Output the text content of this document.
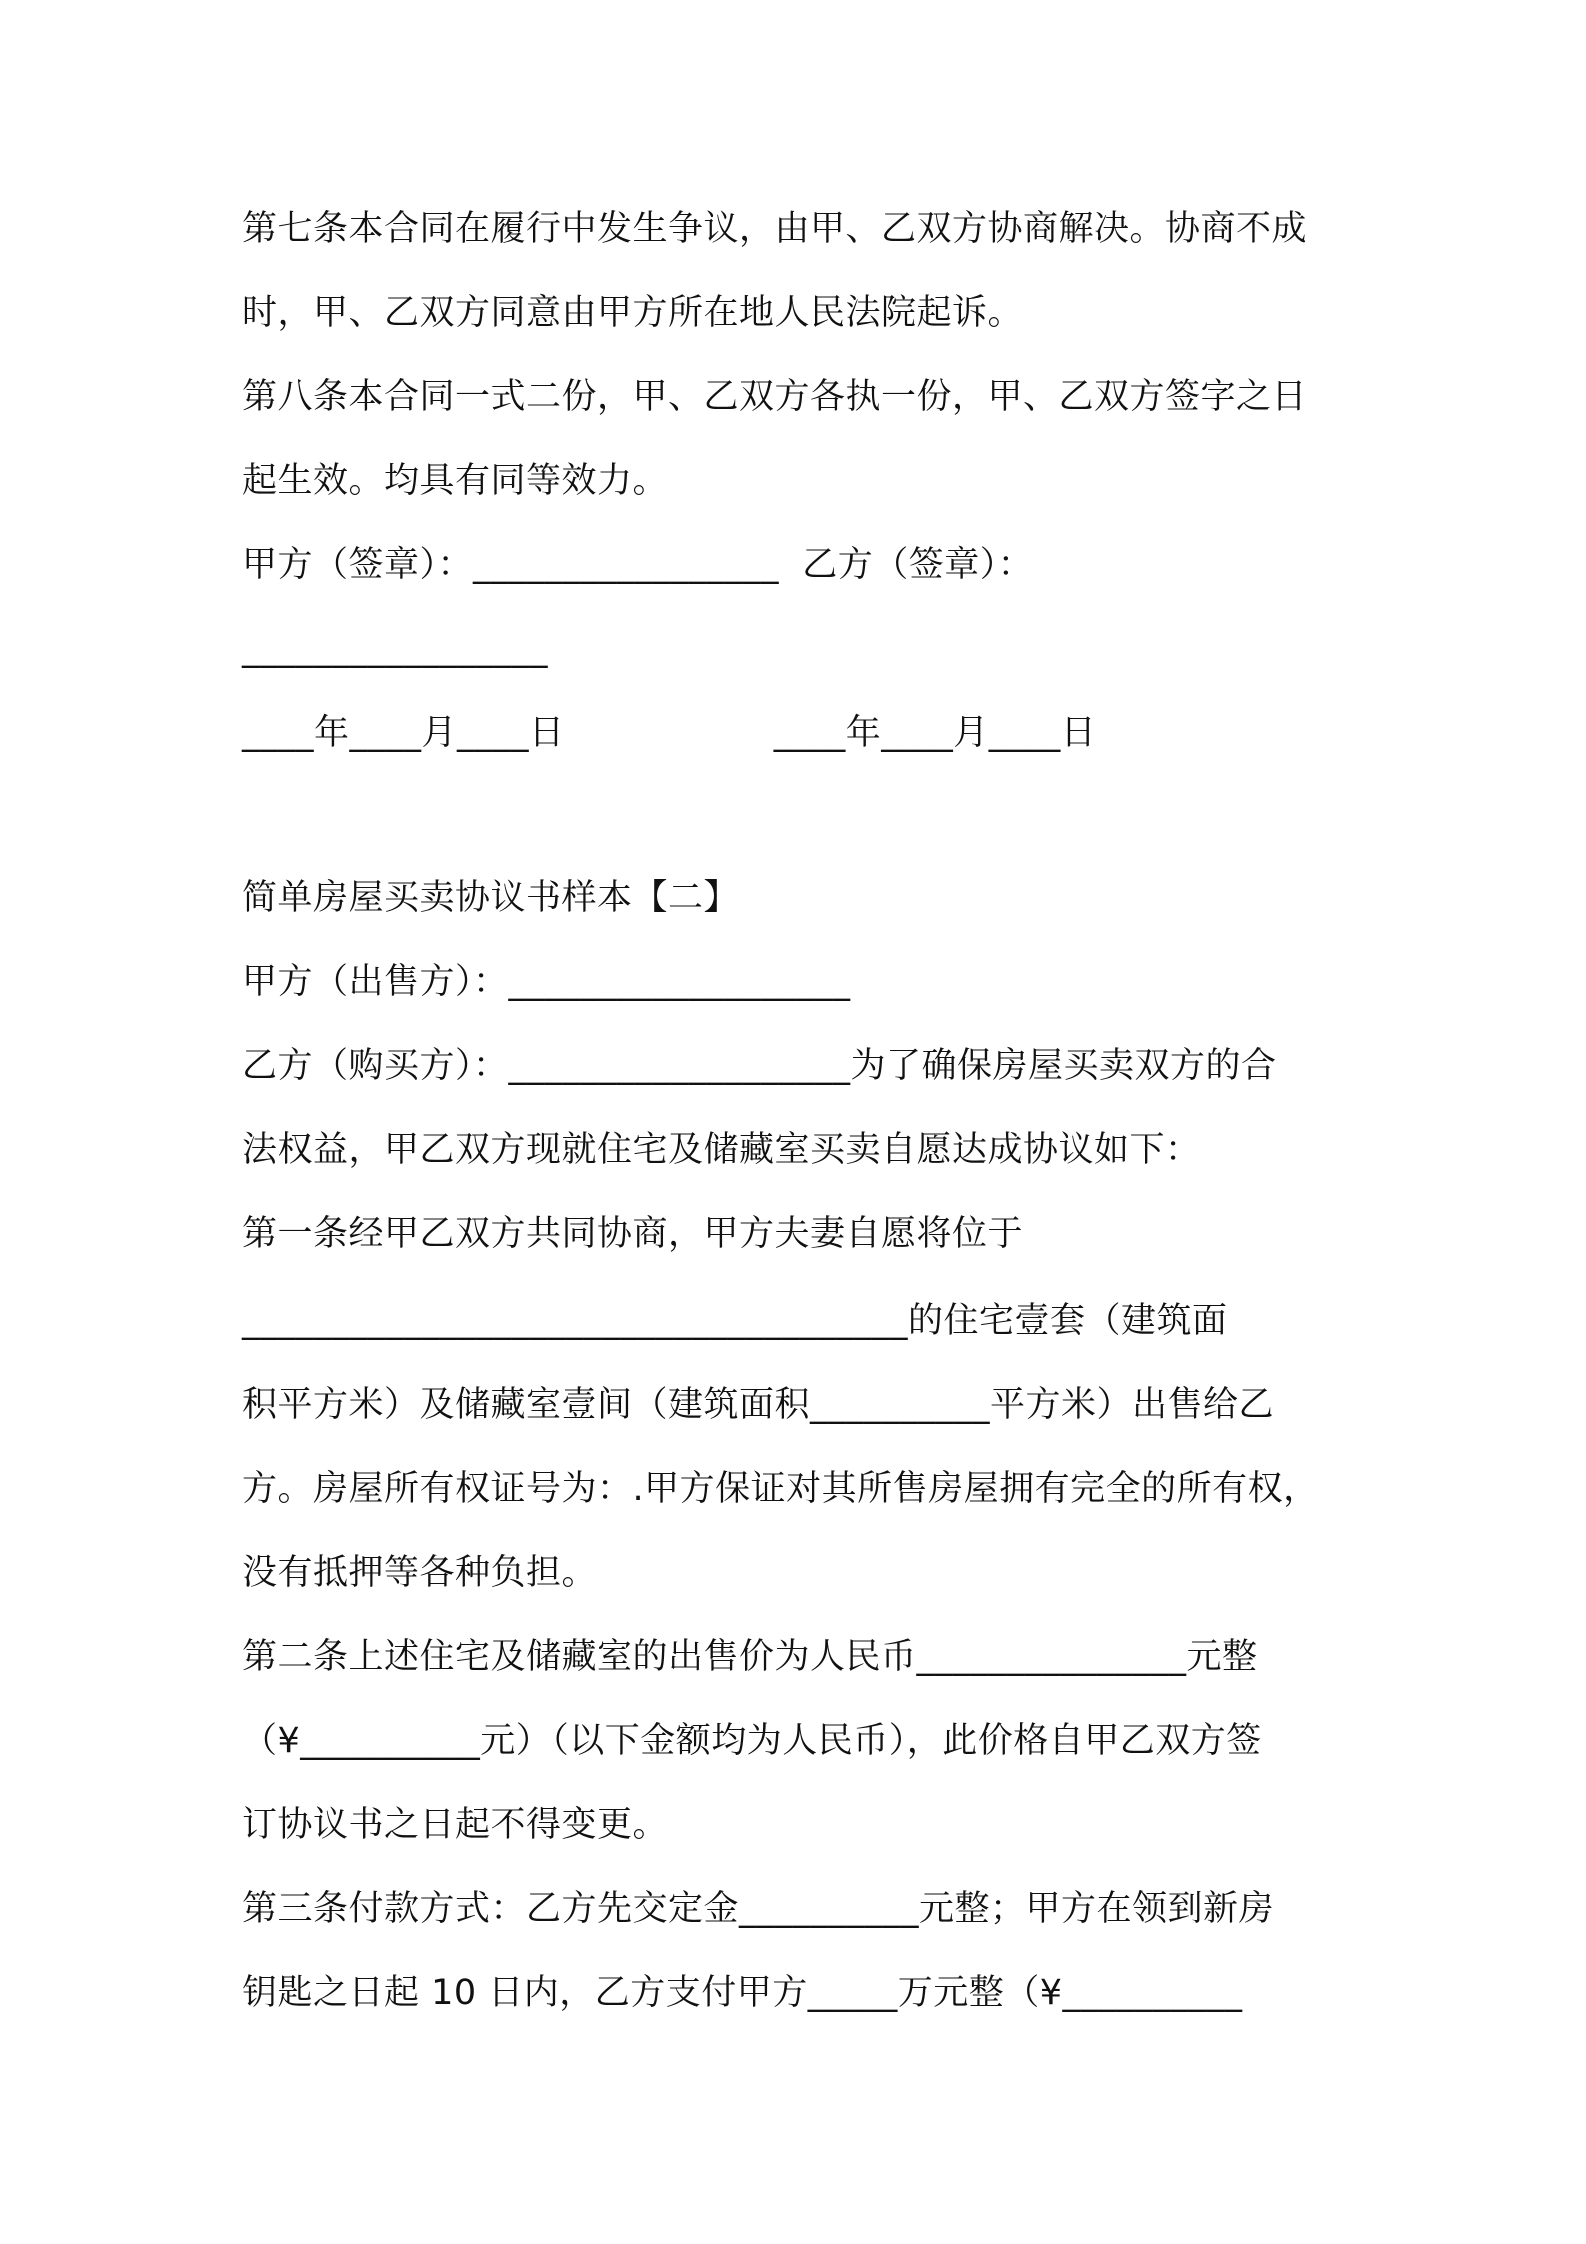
第七条本合同在履行中发生争议，由甲、乙双方协商解决。协商不成

时，甲、乙双方同意由甲方所在地人民法院起诉。

第八条本合同一式二份，甲、乙双方各执一份，甲、乙双方签字之日

起生效。均具有同等效力。

甲方（签章）：_________________  乙方（签章）：

_________________

____年____月____日                  ____年____月____日

简单房屋买卖协议书样本【二】

甲方（出售方）：___________________

乙方（购买方）：___________________为了确保房屋买卖双方的合

法权益，甲乙双方现就住宅及储藏室买卖自愿达成协议如下：

第一条经甲乙双方共同协商，甲方夫妻自愿将位于

_____________________________________的住宅壹套（建筑面

积平方米）及储藏室壹间（建筑面积__________平方米）出售给乙

方。房屋所有权证号为：.甲方保证对其所售房屋拥有完全的所有权，

没有抵押等各种负担。

第二条上述住宅及储藏室的出售价为人民币_______________元整

（¥__________元）（以下金额均为人民币），此价格自甲乙双方签

订协议书之日起不得变更。

第三条付款方式：乙方先交定金__________元整；甲方在领到新房

钥匙之日起 10 日内，乙方支付甲方_____万元整（¥__________
